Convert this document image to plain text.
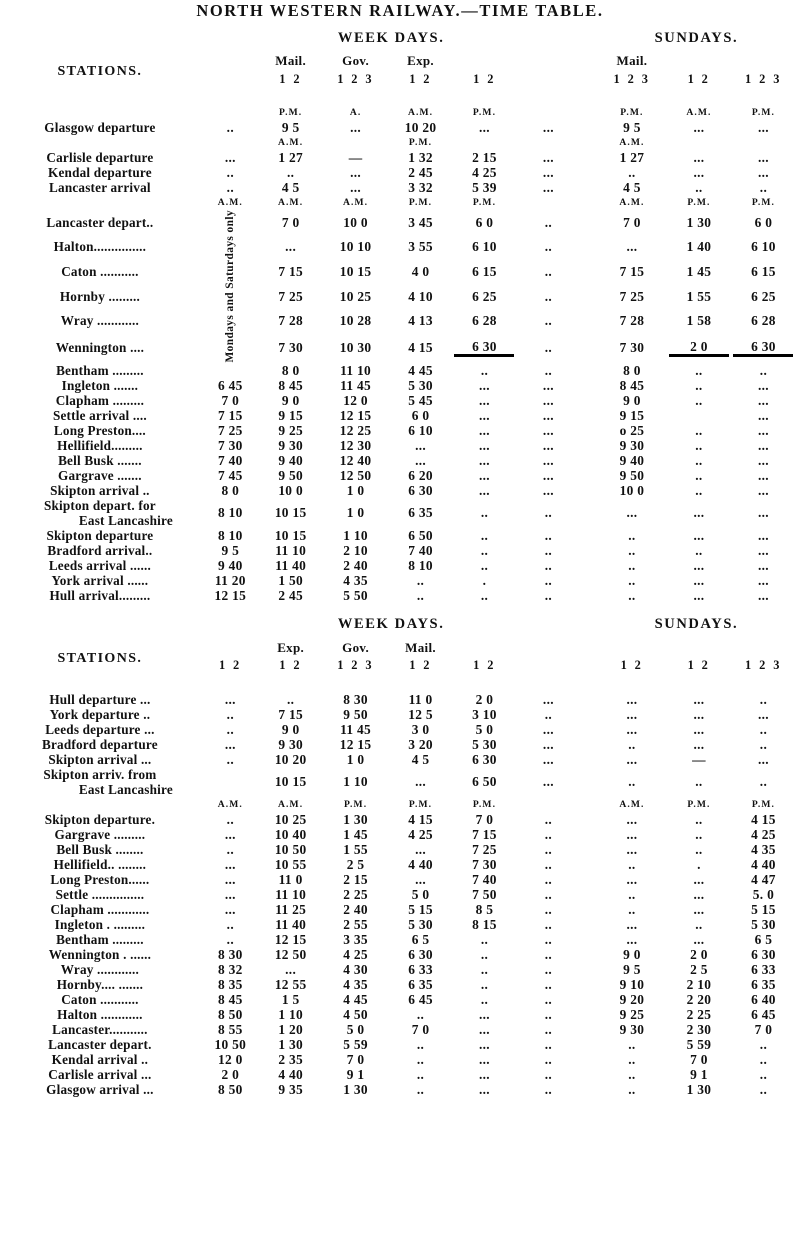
NORTH WESTERN RAILWAY.—TIME TABLE.
		WEEK DAYS.							SUNDAYS.		
STATIONS.			Mail.	Gov.	Exp.				Mail.		
			1 2	1 2 3	1 2	1 2			1 2 3	1 2	1 2 3

			P.M.	A.	A.M.	P.M.			P.M.	A.M.	P.M.
Glasgow departure		..	9 5	...	10 20	...	...		9 5	...	...
			A.M.		P.M.				A.M.		
Carlisle departure		...	1 27	—	1 32	2 15	...		1 27	...	...
Kendal departure		..	..	...	2 45	4 25	...		..	...	...
Lancaster arrival		..	4 5	...	3 32	5 39	...		4 5	..	..
		A.M.	A.M.	A.M.	P.M.	P.M.			A.M.	P.M.	P.M.
Lancaster depart..		Mondays and Saturdays only	7 0	10 0	3 45	6 0	..		7 0	1 30	6 0
Halton...............			...	10 10	3 55	6 10	..		...	1 40	6 10
Caton ...........			7 15	10 15	4 0	6 15	..		7 15	1 45	6 15
Hornby .........			7 25	10 25	4 10	6 25	..		7 25	1 55	6 25
Wray ............			7 28	10 28	4 13	6 28	..		7 28	1 58	6 28
Wennington ....			7 30	10 30	4 15	6 30	..		7 30	2 0	6 30

Bentham .........			8 0	11 10	4 45	..	..		8 0	..	..
Ingleton .......		6 45	8 45	11 45	5 30	...	...		8 45	..	...
Clapham .........		7 0	9 0	12 0	5 45	...	...		9 0	..	...
Settle arrival ....		7 15	9 15	12 15	6 0	...	...		9 15		...
Long Preston....		7 25	9 25	12 25	6 10	...	...		o 25	..	...
Hellifield.........		7 30	9 30	12 30	...	...	...		9 30	..	...
Bell Busk .......		7 40	9 40	12 40	...	...	...		9 40	..	...
Gargrave .......		7 45	9 50	12 50	6 20	...	...		9 50	..	...
Skipton arrival ..		8 0	10 0	1 0	6 30	...	...		10 0	..	...
Skipton depart. for		8 10	10 15	1 0	6 35	..	..		...	...	...
East Lancashire											
Skipton departure		8 10	10 15	1 10	6 50	..	..		..	...	...
Bradford arrival..		9 5	11 10	2 10	7 40	..	..		..	..	...
Leeds arrival ......		9 40	11 40	2 40	8 10	..	..		..	...	...
York arrival ......		11 20	1 50	4 35	..	.	..		..	...	...
Hull arrival.........		12 15	2 45	5 50	..	..	..		..	...	...
		WEEK DAYS.							SUNDAYS.		
STATIONS.			Exp.	Gov.	Mail.						
		1 2	1 2	1 2 3	1 2	1 2			1 2	1 2	1 2 3

Hull departure ...		...	..	8 30	11 0	2 0	...		...	...	..
York departure ..		..	7 15	9 50	12 5	3 10	..		...	...	...
Leeds departure ...		..	9 0	11 45	3 0	5 0	...		...	...	..
Bradford departure		...	9 30	12 15	3 20	5 30	...		..	...	..
Skipton arrival ...		..	10 20	1 0	4 5	6 30	...		...	—	...
Skipton arriv. from			10 15	1 10	...	6 50	...		..	..	..
East Lancashire											
		A.M.	A.M.	P.M.	P.M.	P.M.			A.M.	P.M.	P.M.
Skipton departure.		..	10 25	1 30	4 15	7 0	..		...	..	4 15
Gargrave .........		...	10 40	1 45	4 25	7 15	..		...	..	4 25
Bell Busk ........		..	10 50	1 55	...	7 25	..		...	..	4 35
Hellifield.. ........		...	10 55	2 5	4 40	7 30	..		..	.	4 40
Long Preston......		...	11 0	2 15	...	7 40	..		...	...	4 47
Settle ...............		...	11 10	2 25	5 0	7 50	..		..	...	5. 0
Clapham ............		...	11 25	2 40	5 15	8 5	..		..	...	5 15
Ingleton . .........		..	11 40	2 55	5 30	8 15	..		...	..	5 30
Bentham .........		..	12 15	3 35	6 5	..	..		...	...	6 5
Wennington . ......		8 30	12 50	4 25	6 30	..	..		9 0	2 0	6 30
Wray ............		8 32	...	4 30	6 33	..	..		9 5	2 5	6 33
Hornby.... .......		8 35	12 55	4 35	6 35	..	..		9 10	2 10	6 35
Caton ...........		8 45	1 5	4 45	6 45	..	..		9 20	2 20	6 40
Halton ............		8 50	1 10	4 50	..	...	..		9 25	2 25	6 45
Lancaster...........		8 55	1 20	5 0	7 0	...	..		9 30	2 30	7 0
Lancaster depart.		10 50	1 30	5 59	..	...	..		..	5 59	..
Kendal arrival ..		12 0	2 35	7 0	..	...	..		..	7 0	..
Carlisle arrival ...		2 0	4 40	9 1	..	...	..		..	9 1	..
Glasgow arrival ...		8 50	9 35	1 30	..	...	..		..	1 30	..
